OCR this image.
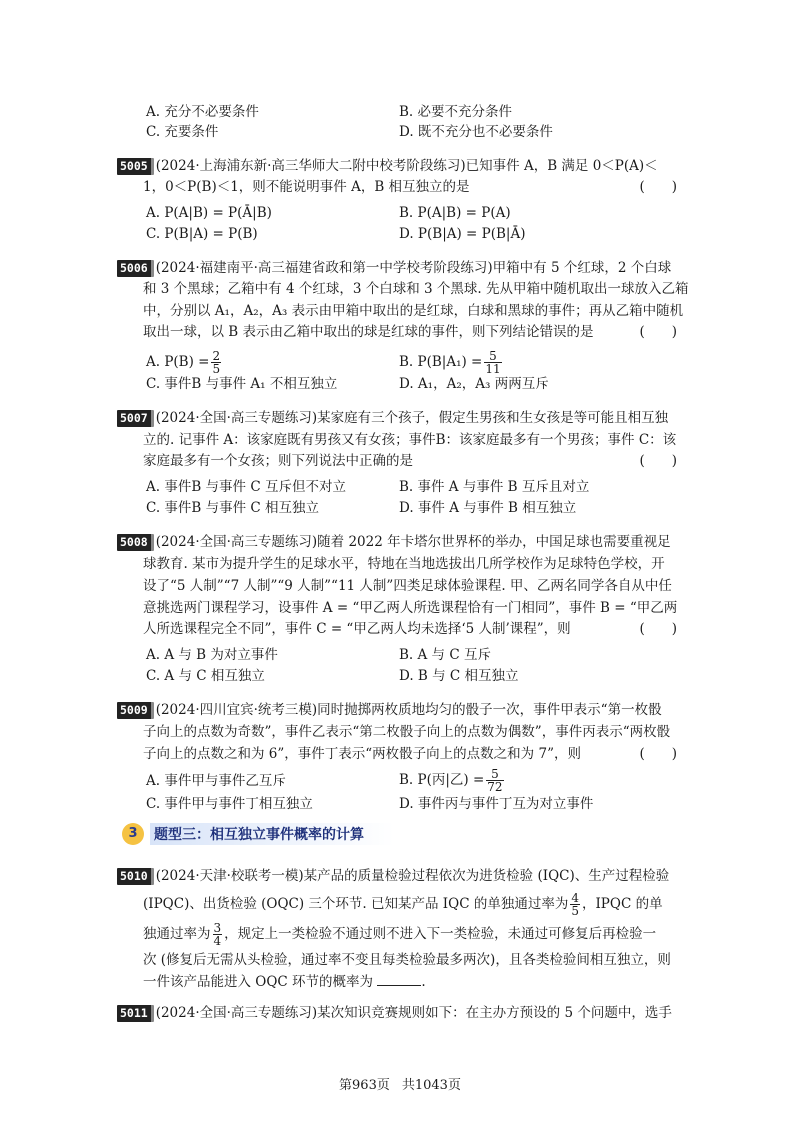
A. 充分不必要条件	B. 必要不充分条件
C. 充要条件	D. 既不充分也不必要条件
5005 (2024·上海浦东新·高三华师大二附中校考阶段练习)已知事件 A，B 满足 0＜P(A)＜
1，0＜P(B)＜1，则不能说明事件 A，B 相互独立的是	(　　)
A. P(A|B) = P(Ā|B)	B. P(A|B) = P(A)
C. P(B|A) = P(B)	D. P(B|A) = P(B|Ā)
5006 (2024·福建南平·高三福建省政和第一中学校考阶段练习)甲箱中有 5 个红球，2 个白球
和 3 个黑球；乙箱中有 4 个红球，3 个白球和 3 个黑球. 先从甲箱中随机取出一球放入乙箱
中，分别以 A₁，A₂，A₃ 表示由甲箱中取出的是红球，白球和黑球的事件；再从乙箱中随机
取出一球，以 B 表示由乙箱中取出的球是红球的事件，则下列结论错误的是	(　　)
A. $P(B) = \frac{2}{5}$	B. $P(B|A_1) = \frac{5}{11}$
C. 事件B 与事件 A₁ 不相互独立	D. A₁，A₂，A₃ 两两互斥
5007 (2024·全国·高三专题练习)某家庭有三个孩子，假定生男孩和生女孩是等可能且相互独
立的. 记事件 A：该家庭既有男孩又有女孩；事件B：该家庭最多有一个男孩；事件 C：该
家庭最多有一个女孩；则下列说法中正确的是	(　　)
A. 事件B 与事件 C 互斥但不对立	B. 事件 A 与事件 B 互斥且对立
C. 事件B 与事件 C 相互独立	D. 事件 A 与事件 B 相互独立
5008 (2024·全国·高三专题练习)随着 2022 年卡塔尔世界杯的举办，中国足球也需要重视足
球教育. 某市为提升学生的足球水平，特地在当地选拔出几所学校作为足球特色学校，开
设了“5 人制”“7 人制”“9 人制”“11 人制”四类足球体验课程. 甲、乙两名同学各自从中任
意挑选两门课程学习，设事件 A = “甲乙两人所选课程恰有一门相同”，事件 B = “甲乙两
人所选课程完全不同”，事件 C = “甲乙两人均未选择‘5 人制’课程”，则	(　　)
A. A 与 B 为对立事件	B. A 与 C 互斥
C. A 与 C 相互独立	D. B 与 C 相互独立
5009 (2024·四川宜宾·统考三模)同时抛掷两枚质地均匀的骰子一次，事件甲表示“第一枚骰
子向上的点数为奇数”，事件乙表示“第二枚骰子向上的点数为偶数”，事件丙表示“两枚骰
子向上的点数之和为 6”，事件丁表示“两枚骰子向上的点数之和为 7”，则	(　　)
A. 事件甲与事件乙互斥	B. P(丙|乙) = $\frac{5}{72}$
C. 事件甲与事件丁相互独立	D. 事件丙与事件丁互为对立事件
3	题型三：相互独立事件概率的计算
5010 (2024·天津·校联考一模)某产品的质量检验过程依次为进货检验 (IQC)、生产过程检验
(IPQC)、出货检验 (OQC) 三个环节. 已知某产品 IQC 的单独通过率为 $\frac{4}{5}$ ，IPQC 的单
独通过率为 $\frac{3}{4}$ ，规定上一类检验不通过则不进入下一类检验，未通过可修复后再检验一
次 (修复后无需从头检验，通过率不变且每类检验最多两次)，且各类检验间相互独立，则
一件该产品能进入 OQC 环节的概率为	.
5011 (2024·全国·高三专题练习)某次知识竞赛规则如下：在主办方预设的 5 个问题中，选手
第963页 共1043页
